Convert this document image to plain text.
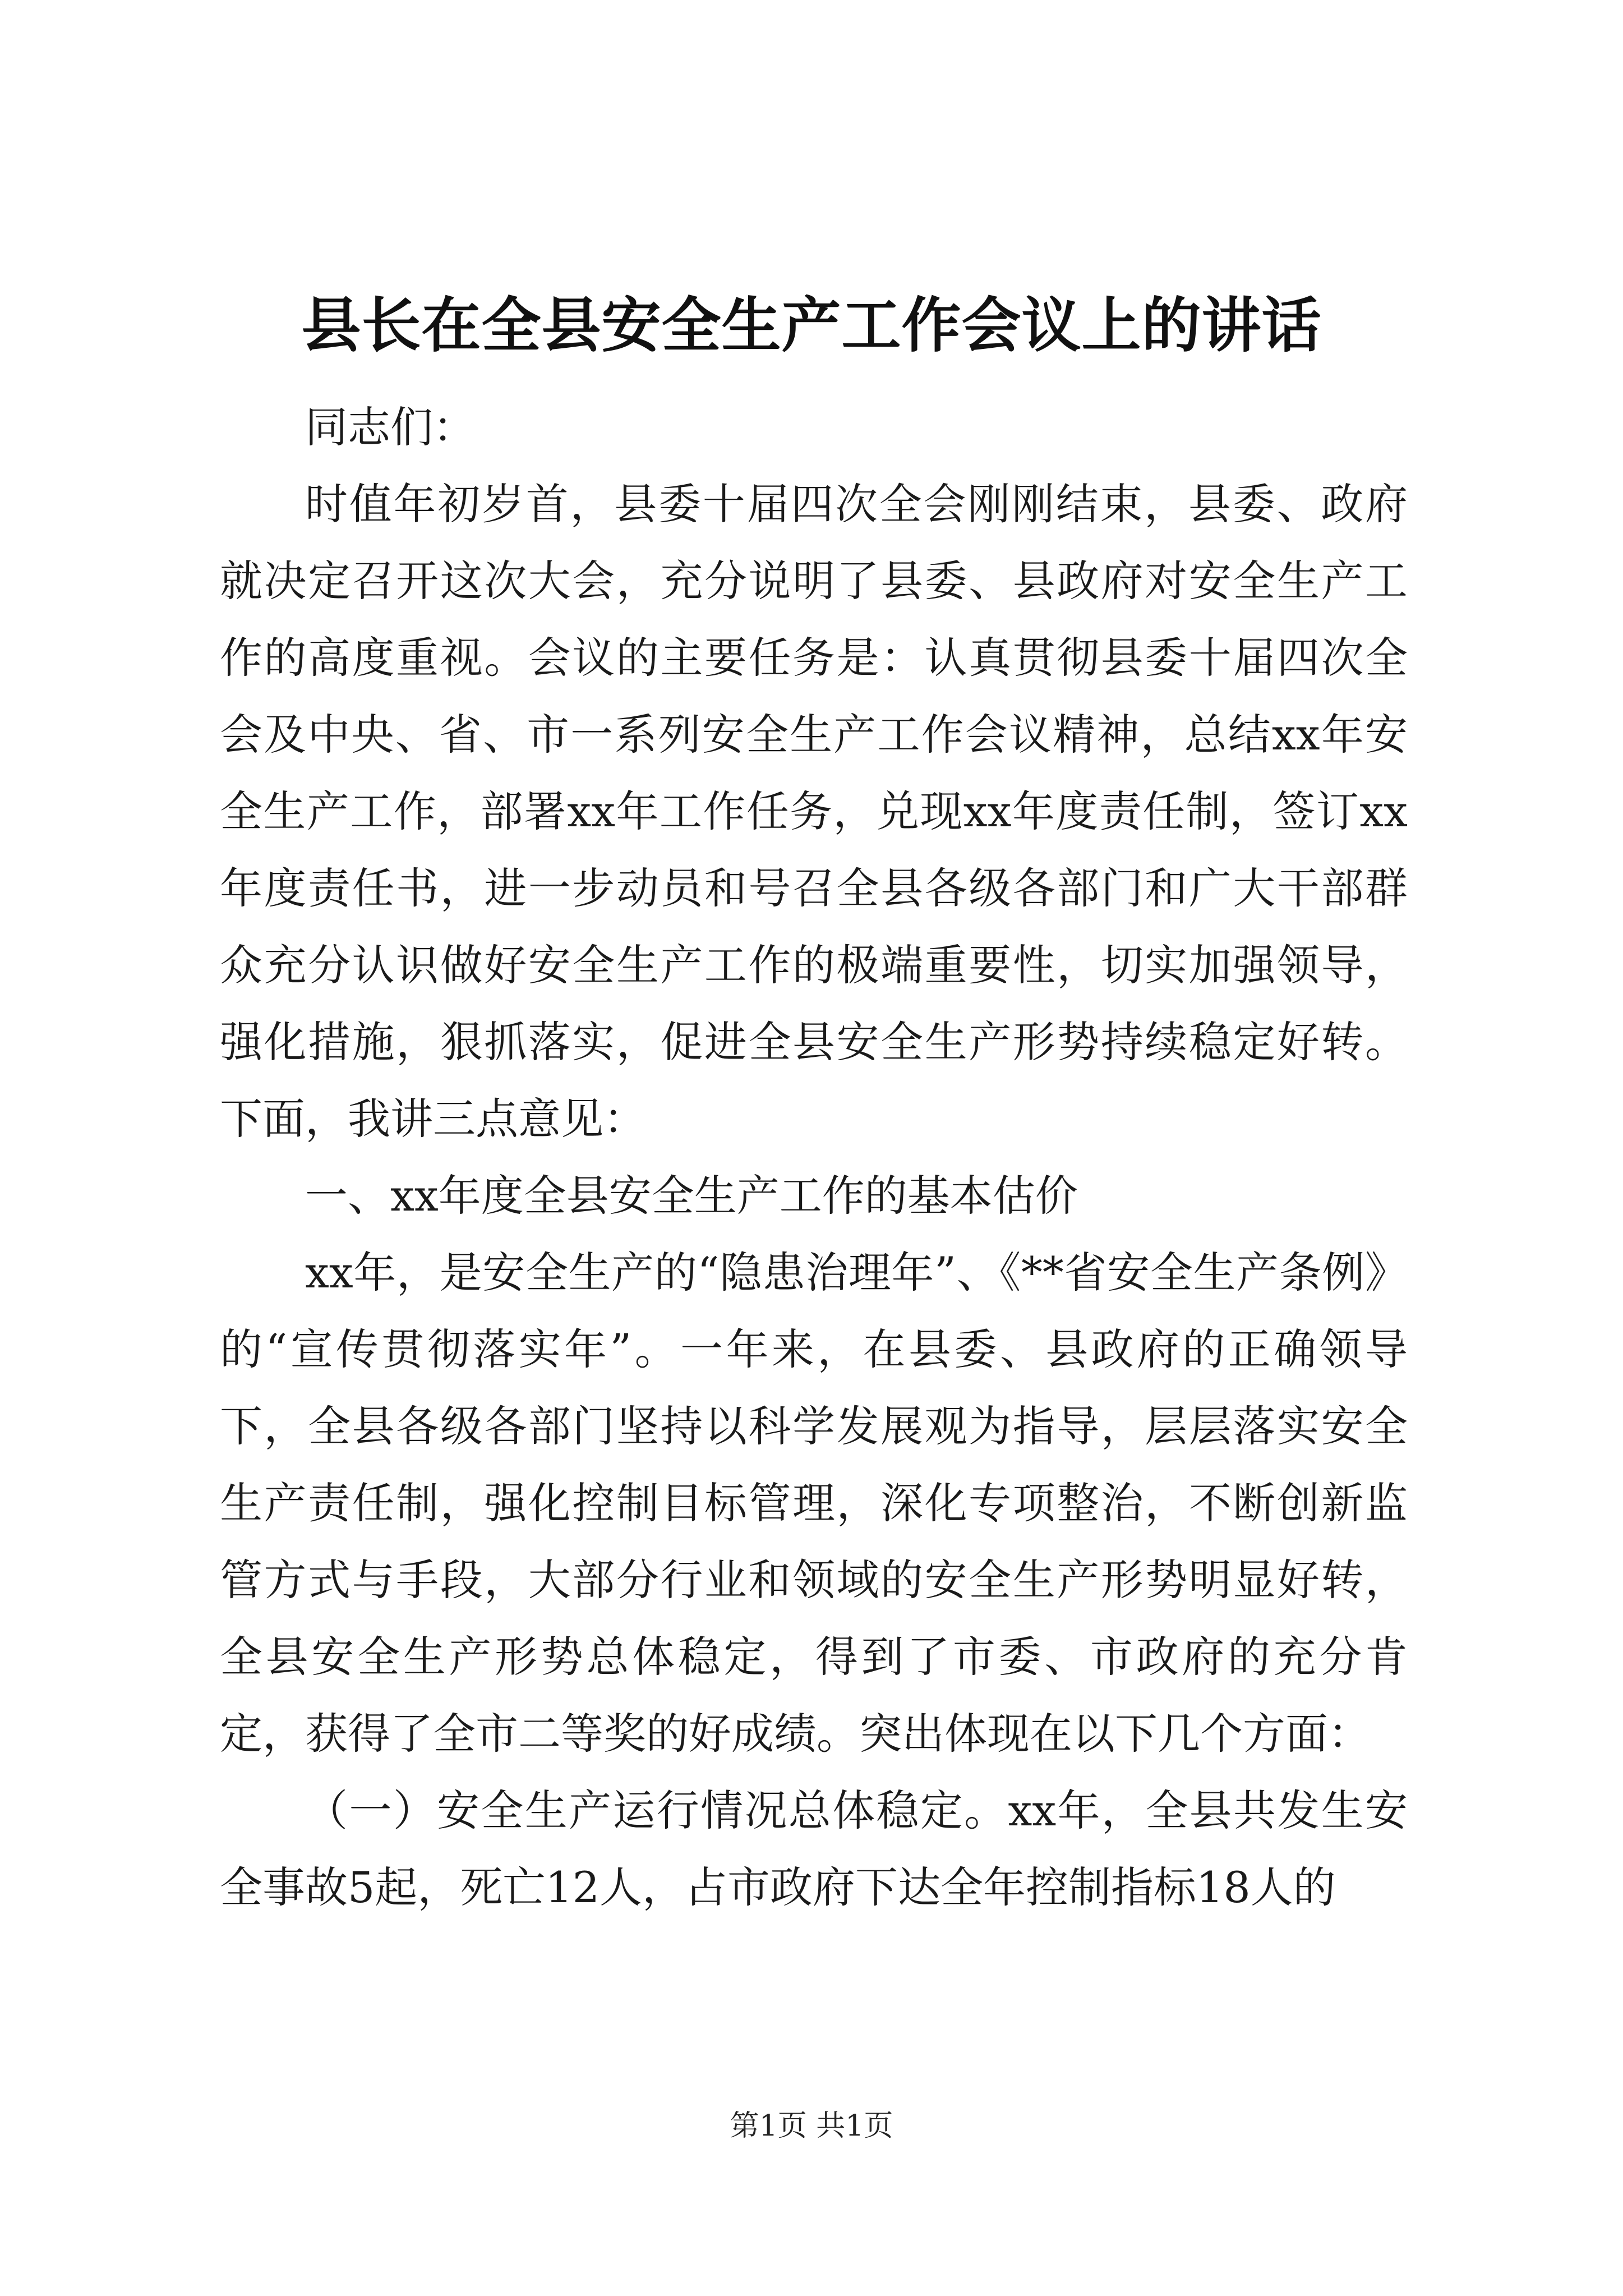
县长在全县安全生产工作会议上的讲话

同志们：

时值年初岁首，县委十届四次全会刚刚结束，县委、政府就决定召开这次大会，充分说明了县委、县政府对安全生产工作的高度重视。会议的主要任务是：认真贯彻县委十届四次全会及中央、省、市一系列安全生产工作会议精神，总结xx年安全生产工作，部署xx年工作任务，兑现xx年度责任制，签订xx年度责任书，进一步动员和号召全县各级各部门和广大干部群众充分认识做好安全生产工作的极端重要性，切实加强领导，强化措施，狠抓落实，促进全县安全生产形势持续稳定好转。下面，我讲三点意见：

一、xx年度全县安全生产工作的基本估价

xx年，是安全生产的“隐患治理年”、《**省安全生产条例》的“宣传贯彻落实年”。一年来，在县委、县政府的正确领导下，全县各级各部门坚持以科学发展观为指导，层层落实安全生产责任制，强化控制目标管理，深化专项整治，不断创新监管方式与手段，大部分行业和领域的安全生产形势明显好转，全县安全生产形势总体稳定，得到了市委、市政府的充分肯定，获得了全市二等奖的好成绩。突出体现在以下几个方面：

（一）安全生产运行情况总体稳定。xx年，全县共发生安全事故5起，死亡12人，占市政府下达全年控制指标18人的

第1页 共1页
